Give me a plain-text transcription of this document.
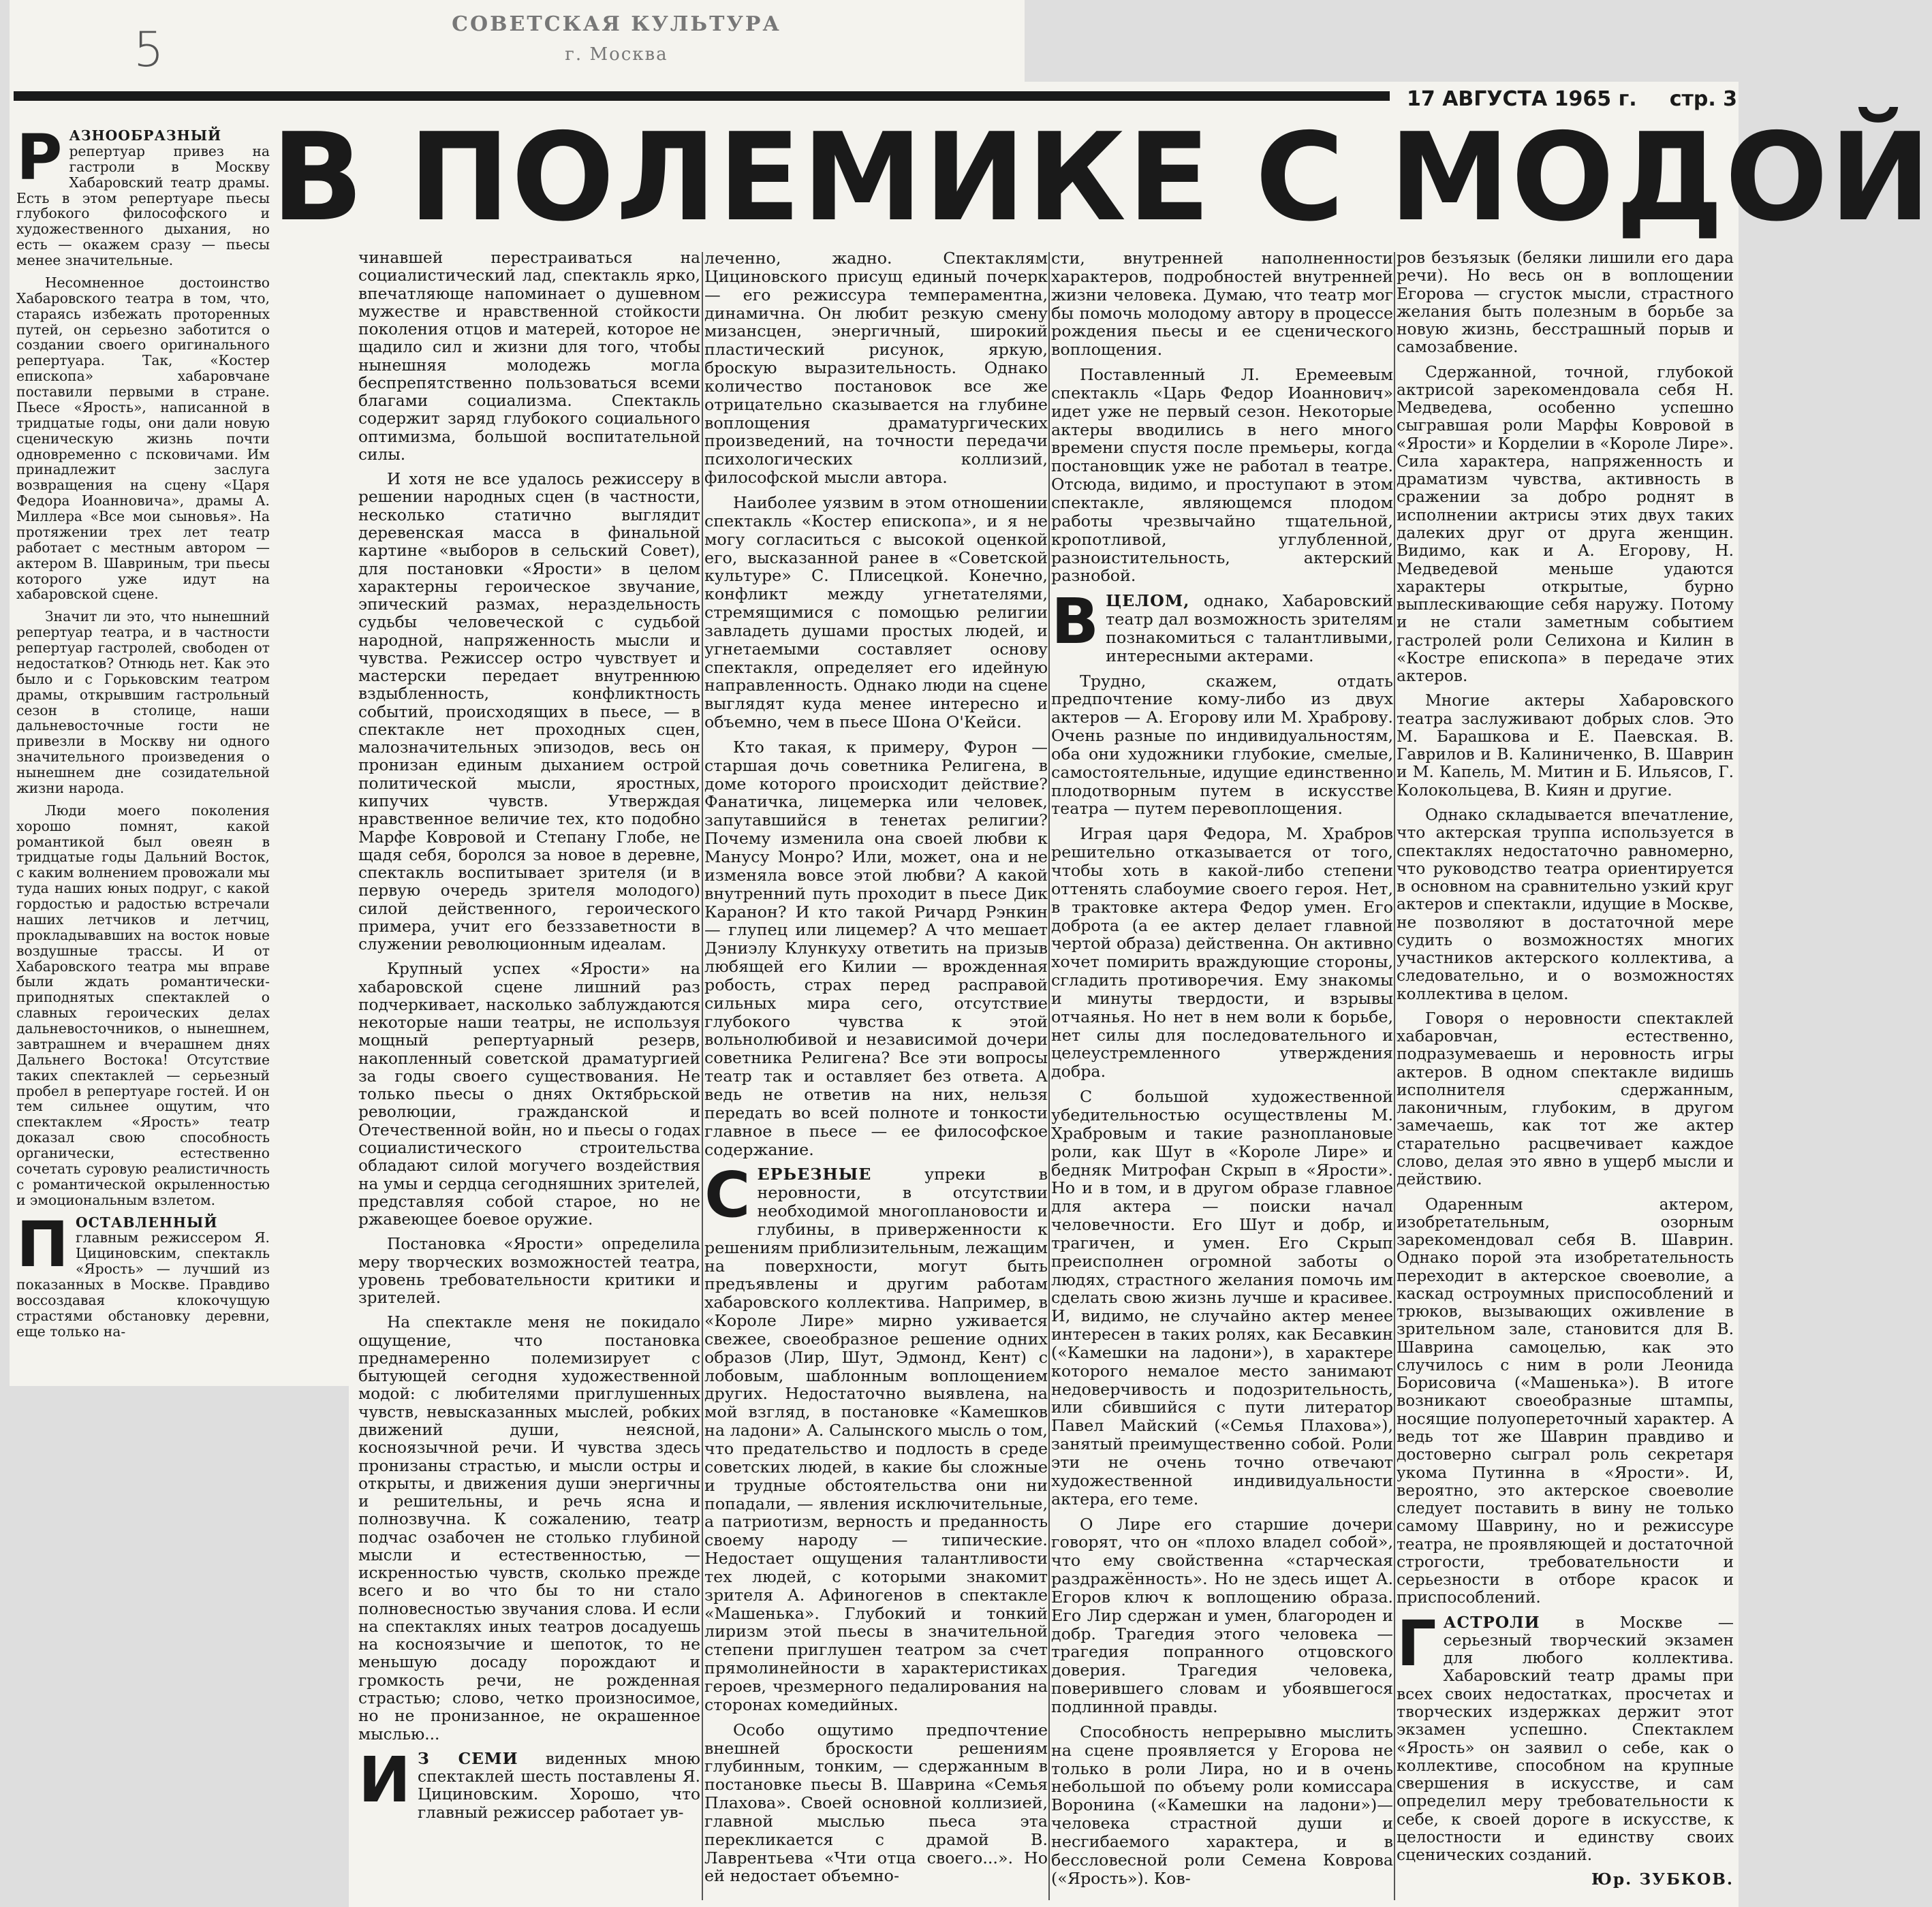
СОВЕТСКАЯ КУЛЬТУРА
г. Москва
5
17 АВГУСТА 1965 г. стр. 3
В ПОЛЕМИКЕ С МОДОЙ

РАЗНООБРАЗНЫЙ репертуар привез на гастроли в Москву Хабаровский театр драмы. Есть в этом репертуаре пьесы глубокого философского и художественного дыхания, но есть — окажем сразу — пьесы менее значительные.

Несомненное достоинство Хабаровского театра в том, что, стараясь избежать проторенных путей, он серьезно заботится о создании своего оригинального репертуара. Так, «Костер епископа» хабаровчане поставили первыми в стране. Пьесе «Ярость», написанной в тридцатые годы, они дали новую сценическую жизнь почти одновременно с псковичами. Им принадлежит заслуга возвращения на сцену «Царя Федора Иоанновича», драмы А. Миллера «Все мои сыновья». На протяжении трех лет театр работает с местным автором — актером В. Шавриным, три пьесы которого уже идут на хабаровской сцене.

Значит ли это, что нынешний репертуар театра, и в частности репертуар гастролей, свободен от недостатков? Отнюдь нет. Как это было и с Горьковским театром драмы, открывшим гастрольный сезон в столице, наши дальневосточные гости не привезли в Москву ни одного значительного произведения о нынешнем дне созидательной жизни народа.

Люди моего поколения хорошо помнят, какой романтикой был овеян в тридцатые годы Дальний Восток, с каким волнением провожали мы туда наших юных подруг, с какой гордостью и радостью встречали наших летчиков и летчиц, прокладывавших на восток новые воздушные трассы. И от Хабаровского театра мы вправе были ждать романтически-приподнятых спектаклей о славных героических делах дальневосточников, о нынешнем, завтрашнем и вчерашнем днях Дальнего Востока! Отсутствие таких спектаклей — серьезный пробел в репертуаре гостей. И он тем сильнее ощутим, что спектаклем «Ярость» театр доказал свою способность органически, естественно сочетать суровую реалистичность с романтической окрыленностью и эмоциональным взлетом.

ПОСТАВЛЕННЫЙ главным режиссером Я. Цициновским, спектакль «Ярость» — лучший из показанных в Москве. Правдиво воссоздавая клокочущую страстями обстановку деревни, еще только на-

чинавшей перестраиваться на социалистический лад, спектакль ярко, впечатляюще напоминает о душевном мужестве и нравственной стойкости поколения отцов и матерей, которое не щадило сил и жизни для того, чтобы нынешняя молодежь могла беспрепятственно пользоваться всеми благами социализма. Спектакль содержит заряд глубокого социального оптимизма, большой воспитательной силы.

И хотя не все удалось режиссеру в решении народных сцен (в частности, несколько статично выглядит деревенская масса в финальной картине «выборов в сельский Совет), для постановки «Ярости» в целом характерны героическое звучание, эпический размах, нераздельность судьбы человеческой с судьбой народной, напряженность мысли и чувства. Режиссер остро чувствует и мастерски передает внутреннюю вздыбленность, конфликтность событий, происходящих в пьесе, — в спектакле нет проходных сцен, малозначительных эпизодов, весь он пронизан единым дыханием острой политической мысли, яростных, кипучих чувств. Утверждая нравственное величие тех, кто подобно Марфе Ковровой и Степану Глобе, не щадя себя, боролся за новое в деревне, спектакль воспитывает зрителя (и в первую очередь зрителя молодого) силой действенного, героического примера, учит его безззаветности в служении революционным идеалам.

Крупный успех «Ярости» на хабаровской сцене лишний раз подчеркивает, насколько заблуждаются некоторые наши театры, не используя мощный репертуарный резерв, накопленный советской драматургией за годы своего существования. Не только пьесы о днях Октябрьской революции, гражданской и Отечественной войн, но и пьесы о годах социалистического строительства обладают силой могучего воздействия на умы и сердца сегодняшних зрителей, представляя собой старое, но не ржавеющее боевое оружие.

Постановка «Ярости» определила меру творческих возможностей театра, уровень требовательности критики и зрителей.

На спектакле меня не покидало ощущение, что постановка преднамеренно полемизирует с бытующей сегодня художественной модой: с любителями приглушенных чувств, невысказанных мыслей, робких движений души, неясной, косноязычной речи. И чувства здесь пронизаны страстью, и мысли остры и открыты, и движения души энергичны и решительны, и речь ясна и полнозвучна. К сожалению, театр подчас озабочен не столько глубиной мысли и естественностью, — искренностью чувств, сколько прежде всего и во что бы то ни стало полновесностью звучания слова. И если на спектаклях иных театров досадуешь на косноязычие и шепоток, то не меньшую досаду порождают и громкость речи, не рожденная страстью; слово, четко произносимое, но не пронизанное, не окрашенное мыслью...

И З СЕМИ виденных мною спектаклей шесть поставлены Я. Цициновским. Хорошо, что главный режиссер работает ув-

леченно, жадно. Спектаклям Цициновского присущ единый почерк — его режиссура темпераментна, динамична. Он любит резкую смену мизансцен, энергичный, широкий пластический рисунок, яркую, броскую выразительность. Однако количество постановок все же отрицательно сказывается на глубине воплощения драматургических произведений, на точности передачи психологических коллизий, философской мысли автора.

Наиболее уязвим в этом отношении спектакль «Костер епископа», и я не могу согласиться с высокой оценкой его, высказанной ранее в «Советской культуре» С. Плисецкой. Конечно, конфликт между угнетателями, стремящимися с помощью религии завладеть душами простых людей, и угнетаемыми составляет основу спектакля, определяет его идейную направленность. Однако люди на сцене выглядят куда менее интересно и объемно, чем в пьесе Шона О'Кейси.

Кто такая, к примеру, Фурон — старшая дочь советника Религена, в доме которого происходит действие? Фанатичка, лицемерка или человек, запутавшийся в тенетах религии? Почему изменила она своей любви к Манусу Монро? Или, может, она и не изменяла вовсе этой любви? А какой внутренний путь проходит в пьесе Дик Каранон? И кто такой Ричард Рэнкин — глупец или лицемер? А что мешает Дэниэлу Клункуху ответить на призыв любящей его Килии — врожденная робость, страх перед расправой сильных мира сего, отсутствие глубокого чувства к этой вольнолюбивой и независимой дочери советника Религена? Все эти вопросы театр так и оставляет без ответа. А ведь не ответив на них, нельзя передать во всей полноте и тонкости главное в пьесе — ее философское содержание.

СЕРЬЕЗНЫЕ упреки в неровности, в отсутствии необходимой многоплановости и глубины, в приверженности к решениям приблизительным, лежащим на поверхности, могут быть предъявлены и другим работам хабаровского коллектива. Например, в «Короле Лире» мирно уживается свежее, своеобразное решение одних образов (Лир, Шут, Эдмонд, Кент) с лобовым, шаблонным воплощением других. Недостаточно выявлена, на мой взгляд, в постановке «Камешков на ладони» А. Салынского мысль о том, что предательство и подлость в среде советских людей, в какие бы сложные и трудные обстоятельства они ни попадали, — явления исключительные, а патриотизм, верность и преданность своему народу — типические. Недостает ощущения талантливости тех людей, с которыми знакомит зрителя А. Афиногенов в спектакле «Машенька». Глубокий и тонкий лиризм этой пьесы в значительной степени приглушен театром за счет прямолинейности в характеристиках героев, чрезмерного педалирования на сторонах комедийных.

Особо ощутимо предпочтение внешней броскости решениям глубинным, тонким, — сдержанным в постановке пьесы В. Шаврина «Семья Плахова». Своей основной коллизией, главной мыслью пьеса эта перекликается с драмой В. Лаврентьева «Чти отца своего...». Но ей недостает объемно-

сти, внутренней наполненности характеров, подробностей внутренней жизни человека. Думаю, что театр мог бы помочь молодому автору в процессе рождения пьесы и ее сценического воплощения.

Поставленный Л. Еремеевым спектакль «Царь Федор Иоаннович» идет уже не первый сезон. Некоторые актеры вводились в него много времени спустя после премьеры, когда постановщик уже не работал в театре. Отсюда, видимо, и проступают в этом спектакле, являющемся плодом работы чрезвычайно тщательной, кропотливой, углубленной, разноистительность, актерский разнобой.

ВЦЕЛОМ, однако, Хабаровский театр дал возможность зрителям познакомиться с талантливыми, интересными актерами.

Трудно, скажем, отдать предпочтение кому-либо из двух актеров — А. Егорову или М. Храброву. Очень разные по индивидуальностям, оба они художники глубокие, смелые, самостоятельные, идущие единственно плодотворным путем в искусстве театра — путем перевоплощения.

Играя царя Федора, М. Храбров решительно отказывается от того, чтобы хоть в какой-либо степени оттенять слабоумие своего героя. Нет, в трактовке актера Федор умен. Его доброта (а ее актер делает главной чертой образа) действенна. Он активно хочет помирить враждующие стороны, сгладить противоречия. Ему знакомы и минуты твердости, и взрывы отчаянья. Но нет в нем воли к борьбе, нет силы для последовательного и целеустремленного утверждения добра.

С большой художественной убедительностью осуществлены М. Храбровым и такие разноплановые роли, как Шут в «Короле Лире» и бедняк Митрофан Скрып в «Ярости». Но и в том, и в другом образе главное для актера — поиски начал человечности. Его Шут и добр, и трагичен, и умен. Его Скрып преисполнен огромной заботы о людях, страстного желания помочь им сделать свою жизнь лучше и красивее. И, видимо, не случайно актер менее интересен в таких ролях, как Бесавкин («Камешки на ладони»), в характере которого немалое место занимают недоверчивость и подозрительность, или сбившийся с пути литератор Павел Майский («Семья Плахова»), занятый преимущественно собой. Роли эти не очень точно отвечают художественной индивидуальности актера, его теме.

О Лире его старшие дочери говорят, что он «плохо владел собой», что ему свойственна «старческая раздражённость». Но не здесь ищет А. Егоров ключ к воплощению образа. Его Лир сдержан и умен, благороден и добр. Трагедия этого человека — трагедия попранного отцовского доверия. Трагедия человека, поверившего словам и убоявшегося подлинной правды.

Способность непрерывно мыслить на сцене проявляется у Егорова не только в роли Лира, но и в очень небольшой по объему роли комиссара Воронина («Камешки на ладони»)—человека страстной души и несгибаемого характера, и в бессловесной роли Семена Коврова («Ярость»). Ков-

ров безъязык (беляки лишили его дара речи). Но весь он в воплощении Егорова — сгусток мысли, страстного желания быть полезным в борьбе за новую жизнь, бесстрашный порыв и самозабвение.

Сдержанной, точной, глубокой актрисой зарекомендовала себя Н. Медведева, особенно успешно сыгравшая роли Марфы Ковровой в «Ярости» и Корделии в «Короле Лире». Сила характера, напряженность и драматизм чувства, активность в сражении за добро роднят в исполнении актрисы этих двух таких далеких друг от друга женщин. Видимо, как и А. Егорову, Н. Медведевой меньше удаются характеры открытые, бурно выплескивающие себя наружу. Потому и не стали заметным событием гастролей роли Селихона и Килин в «Костре епископа» в передаче этих актеров.

Многие актеры Хабаровского театра заслуживают добрых слов. Это М. Барашкова и Е. Паевская. В. Гаврилов и В. Калиниченко, В. Шаврин и М. Капель, М. Митин и Б. Ильясов, Г. Колокольцева, В. Киян и другие.

Однако складывается впечатление, что актерская труппа используется в спектаклях недостаточно равномерно, что руководство театра ориентируется в основном на сравнительно узкий круг актеров и спектакли, идущие в Москве, не позволяют в достаточной мере судить о возможностях многих участников актерского коллектива, а следовательно, и о возможностях коллектива в целом.

Говоря о неровности спектаклей хабаровчан, естественно, подразумеваешь и неровность игры актеров. В одном спектакле видишь исполнителя сдержанным, лаконичным, глубоким, в другом замечаешь, как тот же актер старательно расцвечивает каждое слово, делая это явно в ущерб мысли и действию.

Одаренным актером, изобретательным, озорным зарекомендовал себя В. Шаврин. Однако порой эта изобретательность переходит в актерское своеволие, а каскад остроумных приспособлений и трюков, вызывающих оживление в зрительном зале, становится для В. Шаврина самоцелью, как это случилось с ним в роли Леонида Борисовича («Машенька»). В итоге возникают своеобразные штампы, носящие полуопереточный характер. А ведь тот же Шаврин правдиво и достоверно сыграл роль секретаря укома Путинна в «Ярости». И, вероятно, это актерское своеволие следует поставить в вину не только самому Шаврину, но и режиссуре театра, не проявляющей и достаточной строгости, требовательности и серьезности в отборе красок и приспособлений.

ГАСТРОЛИ в Москве — серьезный творческий экзамен для любого коллектива. Хабаровский театр драмы при всех своих недостатках, просчетах и творческих издержках держит этот экзамен успешно. Спектаклем «Ярость» он заявил о себе, как о коллективе, способном на крупные свершения в искусстве, и сам определил меру требовательности к себе, к своей дороге в искусстве, к целостности и единству своих сценических созданий.

Юр. ЗУБКОВ.
